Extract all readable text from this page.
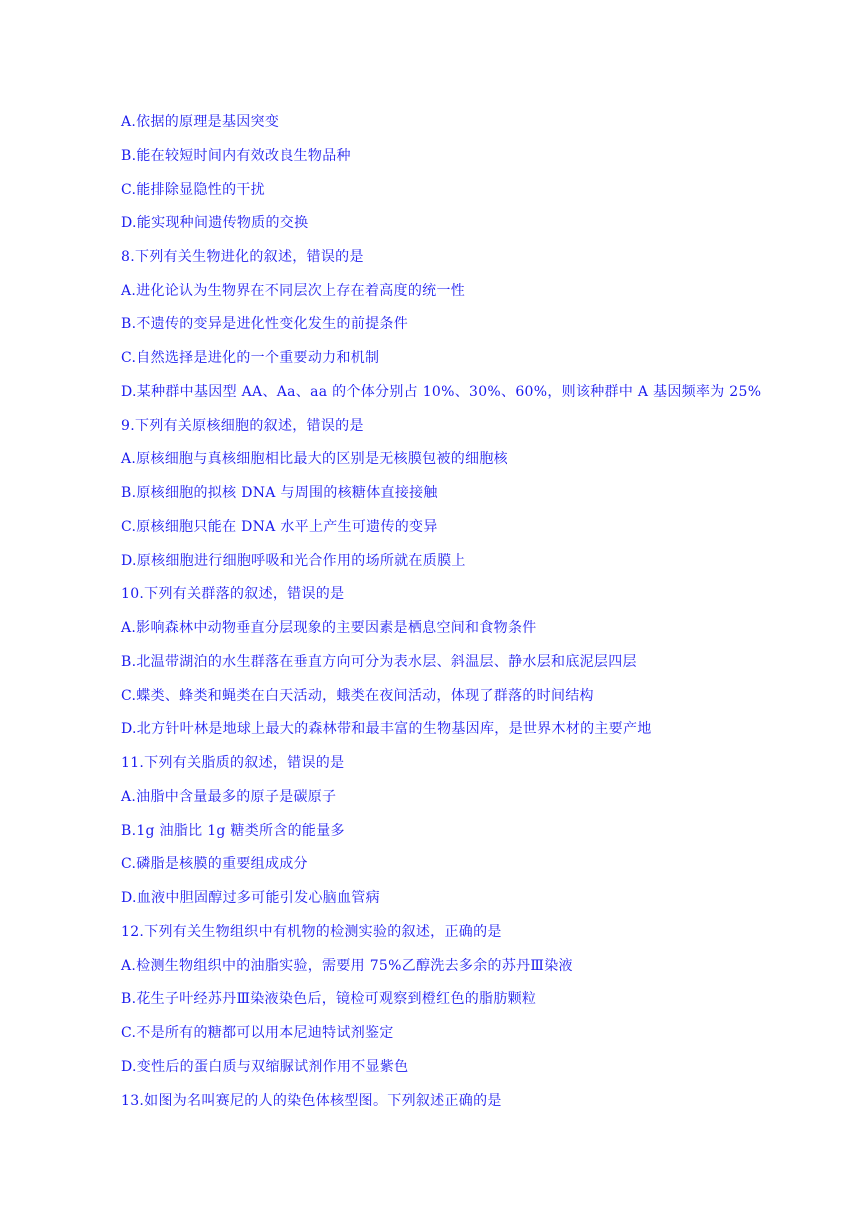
A.依据的原理是基因突变
B.能在较短时间内有效改良生物品种
C.能排除显隐性的干扰
D.能实现种间遗传物质的交换
8.下列有关生物进化的叙述，错误的是
A.进化论认为生物界在不同层次上存在着高度的统一性
B.不遗传的变异是进化性变化发生的前提条件
C.自然选择是进化的一个重要动力和机制
D.某种群中基因型 AA、Aa、aa 的个体分别占 10%、30%、60%，则该种群中 A 基因频率为 25%
9.下列有关原核细胞的叙述，错误的是
A.原核细胞与真核细胞相比最大的区别是无核膜包被的细胞核
B.原核细胞的拟核 DNA 与周围的核糖体直接接触
C.原核细胞只能在 DNA 水平上产生可遗传的变异
D.原核细胞进行细胞呼吸和光合作用的场所就在质膜上
10.下列有关群落的叙述，错误的是
A.影响森林中动物垂直分层现象的主要因素是栖息空间和食物条件
B.北温带湖泊的水生群落在垂直方向可分为表水层、斜温层、静水层和底泥层四层
C.蝶类、蜂类和蝇类在白天活动，蛾类在夜间活动，体现了群落的时间结构
D.北方针叶林是地球上最大的森林带和最丰富的生物基因库，是世界木材的主要产地
11.下列有关脂质的叙述，错误的是
A.油脂中含量最多的原子是碳原子
B.1g 油脂比 1g 糖类所含的能量多
C.磷脂是核膜的重要组成成分
D.血液中胆固醇过多可能引发心脑血管病
12.下列有关生物组织中有机物的检测实验的叙述，正确的是
A.检测生物组织中的油脂实验，需要用 75%乙醇洗去多余的苏丹Ⅲ染液
B.花生子叶经苏丹Ⅲ染液染色后，镜检可观察到橙红色的脂肪颗粒
C.不是所有的糖都可以用本尼迪特试剂鉴定
D.变性后的蛋白质与双缩脲试剂作用不显紫色
13.如图为名叫赛尼的人的染色体核型图。下列叙述正确的是
